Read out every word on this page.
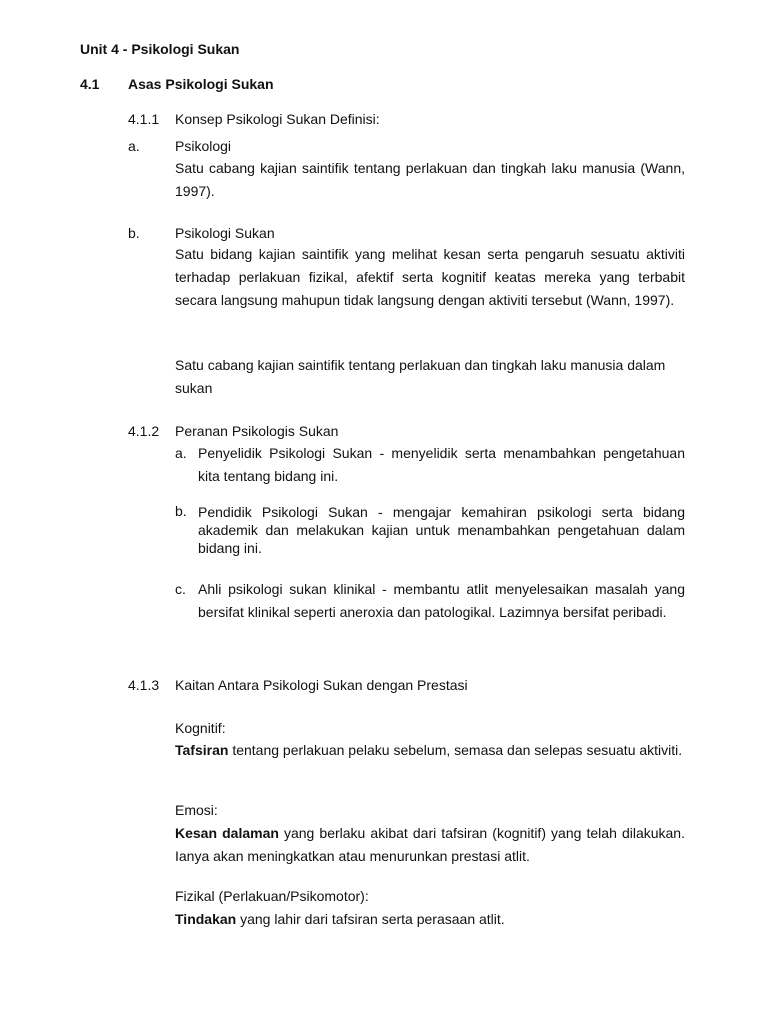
Unit 4 - Psikologi Sukan
4.1 Asas Psikologi Sukan
4.1.1 Konsep Psikologi Sukan Definisi:
a.	Psikologi
Satu cabang kajian saintifik tentang perlakuan dan tingkah laku manusia (Wann, 1997).
b.	Psikologi Sukan
Satu bidang kajian saintifik yang melihat kesan serta pengaruh sesuatu aktiviti terhadap perlakuan fizikal, afektif serta kognitif keatas mereka yang terbabit secara langsung mahupun tidak langsung dengan aktiviti tersebut (Wann, 1997).
Satu cabang kajian saintifik tentang perlakuan dan tingkah laku manusia dalam sukan
4.1.2 Peranan Psikologis Sukan
a. Penyelidik Psikologi Sukan - menyelidik serta menambahkan pengetahuan kita tentang bidang ini.
b. Pendidik Psikologi Sukan - mengajar kemahiran psikologi serta bidang akademik dan melakukan kajian untuk menambahkan pengetahuan dalam bidang ini.
c. Ahli psikologi sukan klinikal - membantu atlit menyelesaikan masalah yang bersifat klinikal seperti aneroxia dan patologikal. Lazimnya bersifat peribadi.
4.1.3 Kaitan Antara Psikologi Sukan dengan Prestasi
Kognitif:
Tafsiran tentang perlakuan pelaku sebelum, semasa dan selepas sesuatu aktiviti.
Emosi:
Kesan dalaman yang berlaku akibat dari tafsiran (kognitif) yang telah dilakukan. Ianya akan meningkatkan atau menurunkan prestasi atlit.
Fizikal (Perlakuan/Psikomotor):
Tindakan yang lahir dari tafsiran serta perasaan atlit.
